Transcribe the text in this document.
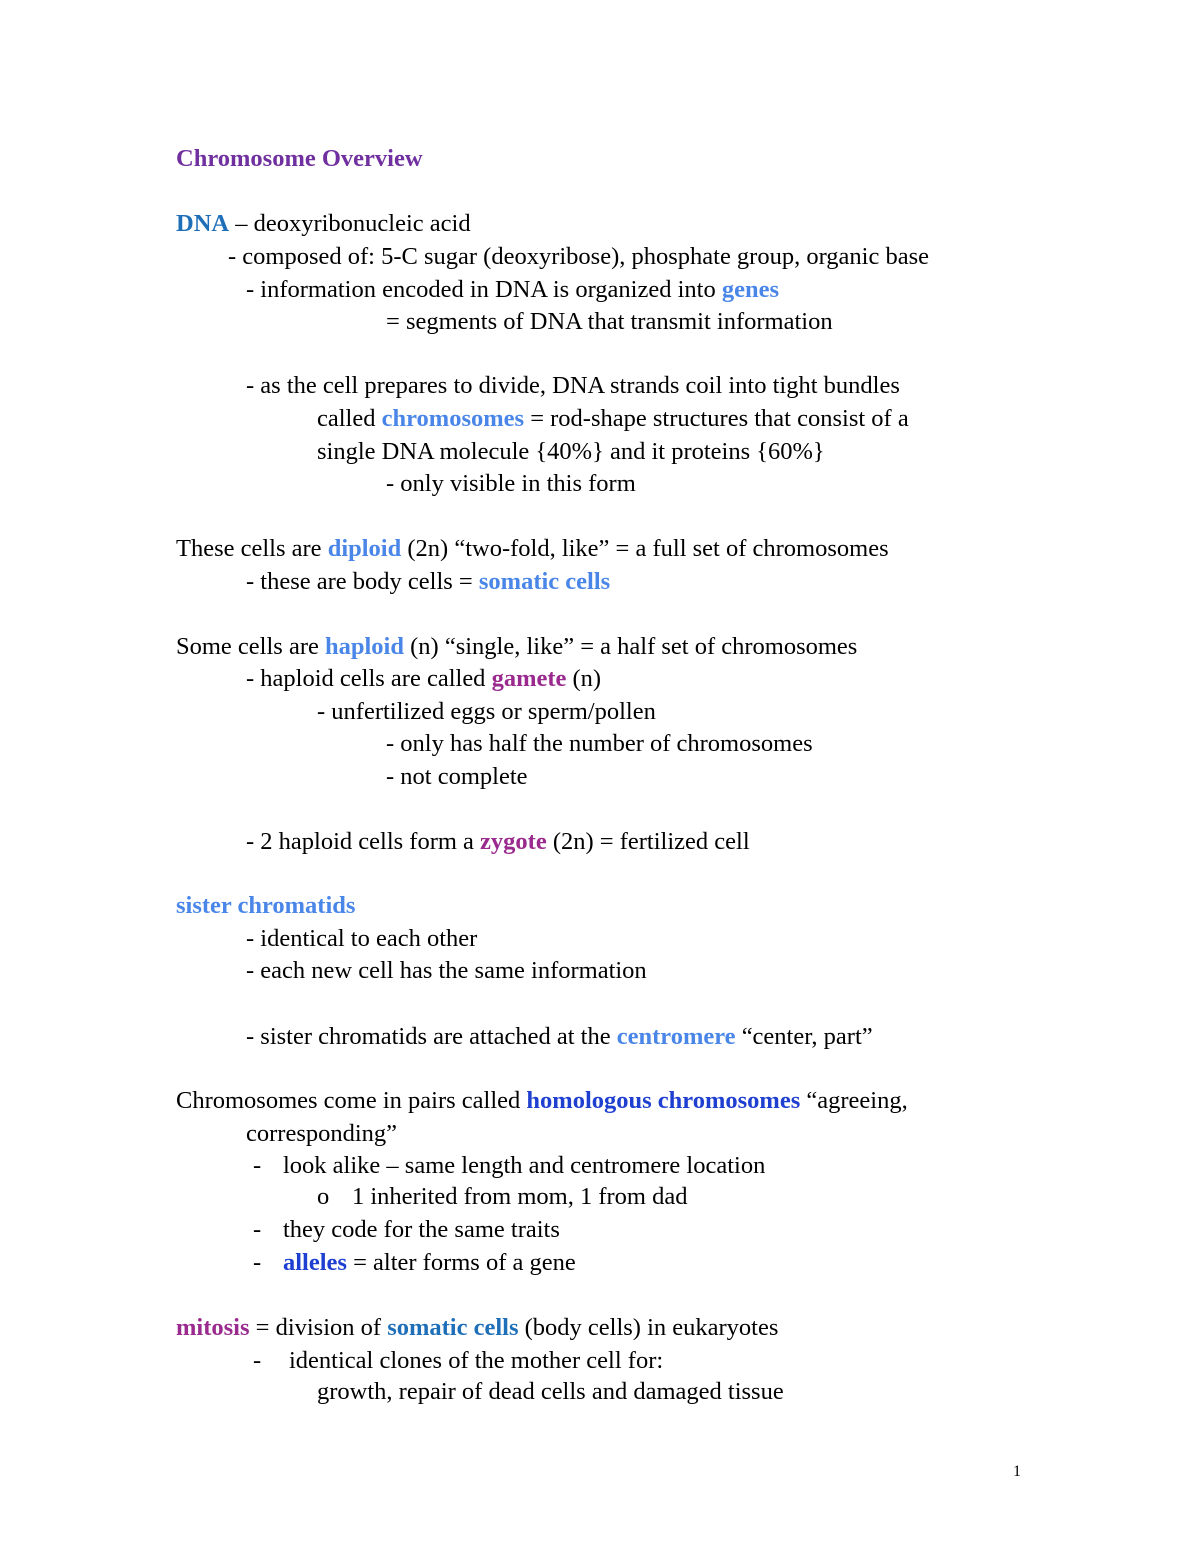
Chromosome Overview
DNA – deoxyribonucleic acid
- composed of: 5-C sugar (deoxyribose), phosphate group, organic base
- information encoded in DNA is organized into genes
= segments of DNA that transmit information
- as the cell prepares to divide, DNA strands coil into tight bundles
called chromosomes = rod-shape structures that consist of a
single DNA molecule {40%} and it proteins {60%}
- only visible in this form
These cells are diploid (2n) “two-fold, like” = a full set of chromosomes
- these are body cells = somatic cells
Some cells are haploid (n) “single, like” = a half set of chromosomes
- haploid cells are called gamete (n)
- unfertilized eggs or sperm/pollen
- only has half the number of chromosomes
- not complete
- 2 haploid cells form a zygote (2n) = fertilized cell
sister chromatids
- identical to each other
- each new cell has the same information
- sister chromatids are attached at the centromere “center, part”
Chromosomes come in pairs called homologous chromosomes “agreeing,
corresponding”
- look alike – same length and centromere location
o 1 inherited from mom, 1 from dad
- they code for the same traits
- alleles = alter forms of a gene
mitosis = division of somatic cells (body cells) in eukaryotes
- identical clones of the mother cell for:
growth, repair of dead cells and damaged tissue
1
